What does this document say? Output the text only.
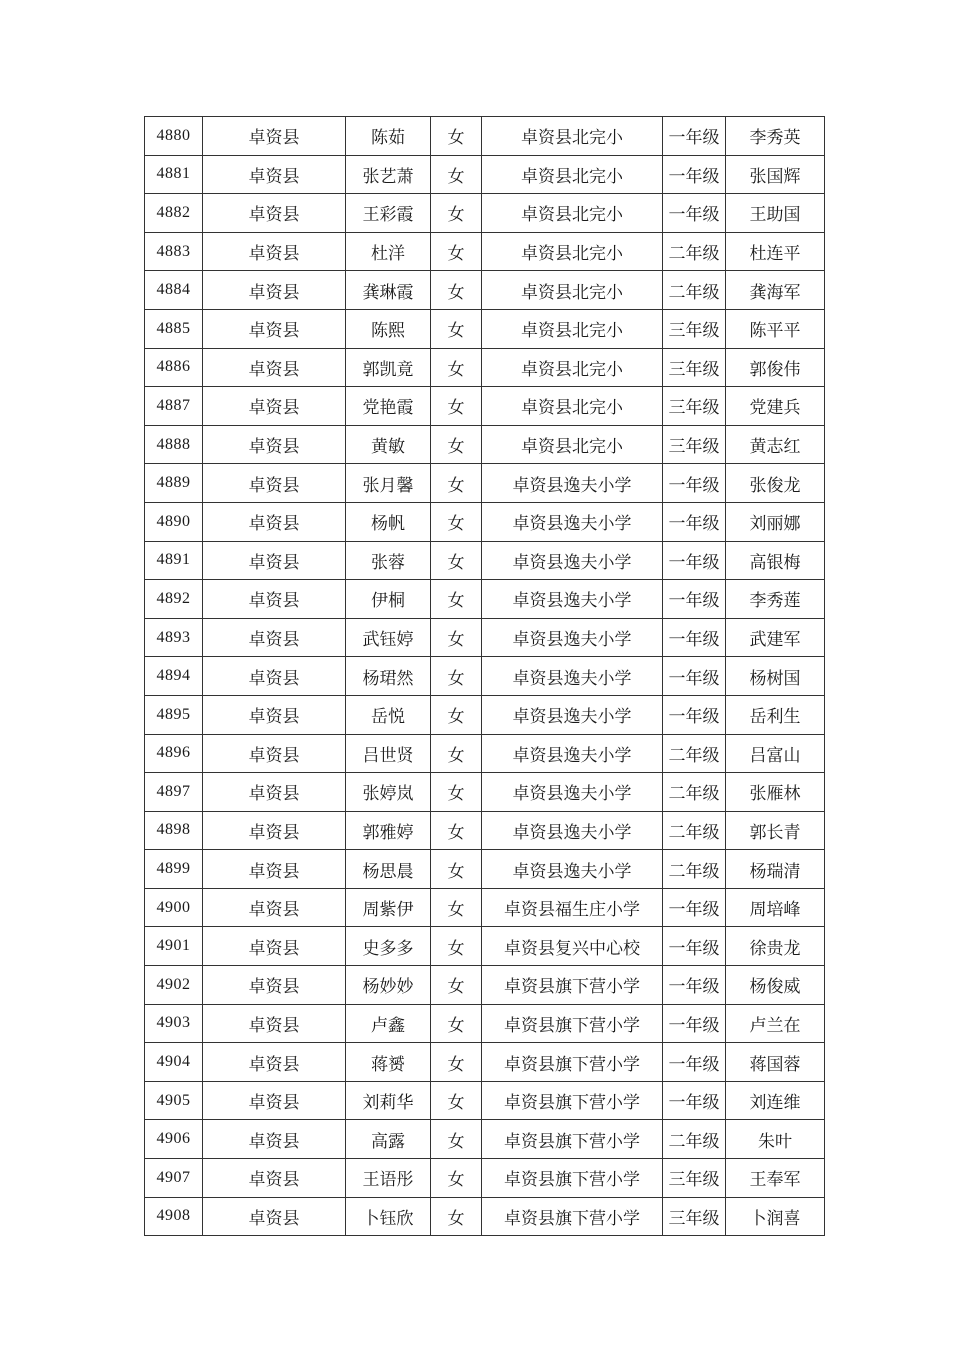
4880	卓资县	陈茹	女	卓资县北完小	一年级	李秀英
4881	卓资县	张艺萧	女	卓资县北完小	一年级	张国辉
4882	卓资县	王彩霞	女	卓资县北完小	一年级	王助国
4883	卓资县	杜洋	女	卓资县北完小	二年级	杜连平
4884	卓资县	龚琳霞	女	卓资县北完小	二年级	龚海军
4885	卓资县	陈熙	女	卓资县北完小	三年级	陈平平
4886	卓资县	郭凯竟	女	卓资县北完小	三年级	郭俊伟
4887	卓资县	党艳霞	女	卓资县北完小	三年级	党建兵
4888	卓资县	黄敏	女	卓资县北完小	三年级	黄志红
4889	卓资县	张月馨	女	卓资县逸夫小学	一年级	张俊龙
4890	卓资县	杨帆	女	卓资县逸夫小学	一年级	刘丽娜
4891	卓资县	张蓉	女	卓资县逸夫小学	一年级	高银梅
4892	卓资县	伊桐	女	卓资县逸夫小学	一年级	李秀莲
4893	卓资县	武钰婷	女	卓资县逸夫小学	一年级	武建军
4894	卓资县	杨珺然	女	卓资县逸夫小学	一年级	杨树国
4895	卓资县	岳悦	女	卓资县逸夫小学	一年级	岳利生
4896	卓资县	吕世贤	女	卓资县逸夫小学	二年级	吕富山
4897	卓资县	张婷岚	女	卓资县逸夫小学	二年级	张雁林
4898	卓资县	郭雅婷	女	卓资县逸夫小学	二年级	郭长青
4899	卓资县	杨思晨	女	卓资县逸夫小学	二年级	杨瑞清
4900	卓资县	周紫伊	女	卓资县福生庄小学	一年级	周培峰
4901	卓资县	史多多	女	卓资县复兴中心校	一年级	徐贵龙
4902	卓资县	杨妙妙	女	卓资县旗下营小学	一年级	杨俊威
4903	卓资县	卢鑫	女	卓资县旗下营小学	一年级	卢兰在
4904	卓资县	蒋赟	女	卓资县旗下营小学	一年级	蒋国蓉
4905	卓资县	刘莉华	女	卓资县旗下营小学	一年级	刘连维
4906	卓资县	高露	女	卓资县旗下营小学	二年级	朱叶
4907	卓资县	王语彤	女	卓资县旗下营小学	三年级	王奉军
4908	卓资县	卜钰欣	女	卓资县旗下营小学	三年级	卜润喜
